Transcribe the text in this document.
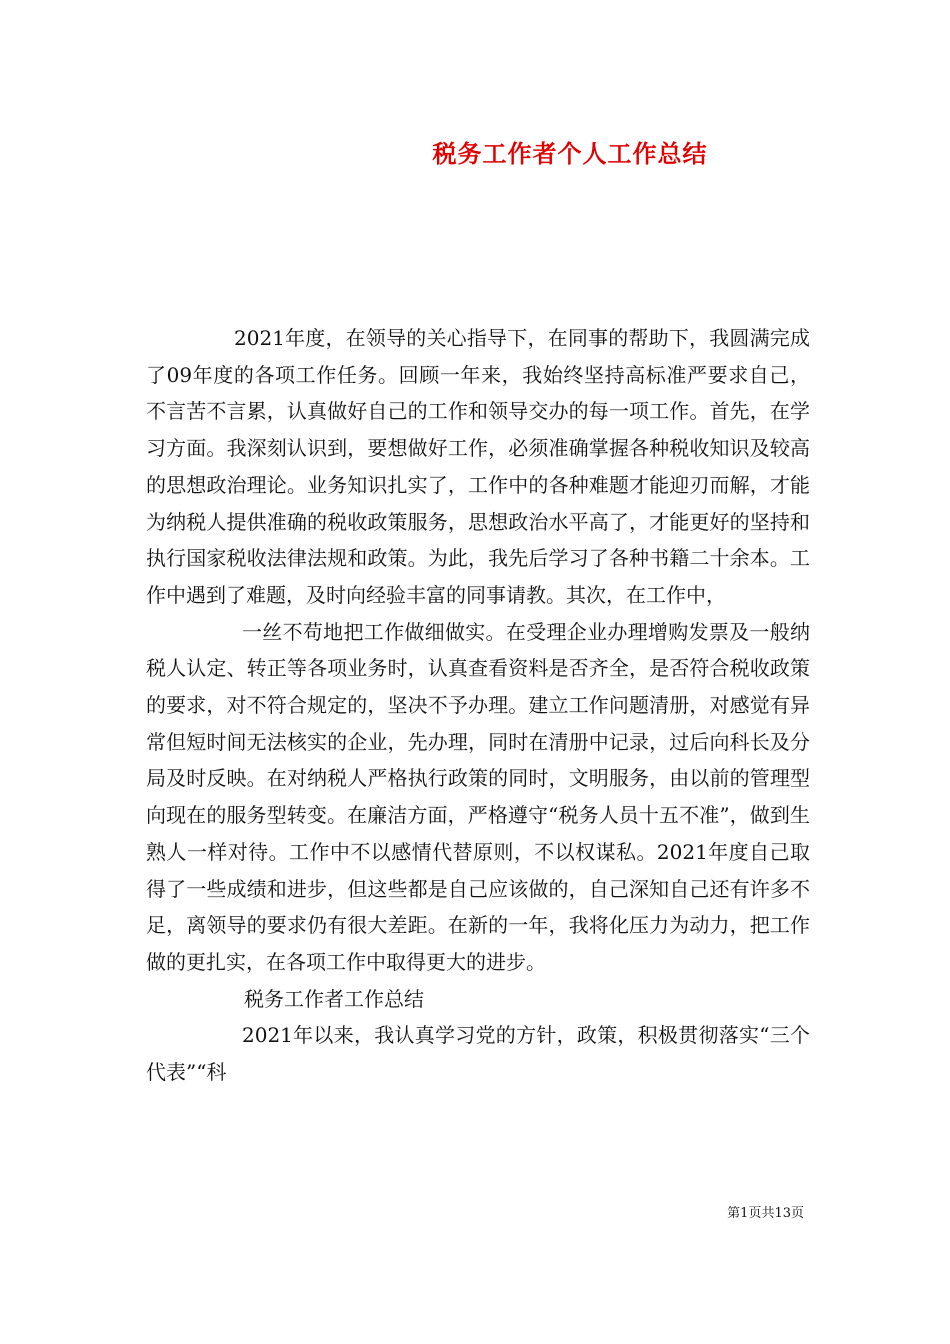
税务工作者个人工作总结

2021年度，在领导的关心指导下，在同事的帮助下，我圆满完成了09年度的各项工作任务。回顾一年来，我始终坚持高标准严要求自己，不言苦不言累，认真做好自己的工作和领导交办的每一项工作。首先，在学习方面。我深刻认识到，要想做好工作，必须准确掌握各种税收知识及较高的思想政治理论。业务知识扎实了，工作中的各种难题才能迎刃而解，才能为纳税人提供准确的税收政策服务，思想政治水平高了，才能更好的坚持和执行国家税收法律法规和政策。为此，我先后学习了各种书籍二十余本。工作中遇到了难题，及时向经验丰富的同事请教。其次，在工作中，

一丝不苟地把工作做细做实。在受理企业办理增购发票及一般纳税人认定、转正等各项业务时，认真查看资料是否齐全，是否符合税收政策的要求，对不符合规定的，坚决不予办理。建立工作问题清册，对感觉有异常但短时间无法核实的企业，先办理，同时在清册中记录，过后向科长及分局及时反映。在对纳税人严格执行政策的同时，文明服务，由以前的管理型向现在的服务型转变。在廉洁方面，严格遵守“税务人员十五不准”，做到生熟人一样对待。工作中不以感情代替原则，不以权谋私。2021年度自己取得了一些成绩和进步，但这些都是自己应该做的，自己深知自己还有许多不足，离领导的要求仍有很大差距。在新的一年，我将化压力为动力，把工作做的更扎实，在各项工作中取得更大的进步。

税务工作者工作总结

2021年以来，我认真学习党的方针，政策，积极贯彻落实“三个代表”“科

第1页共13页
